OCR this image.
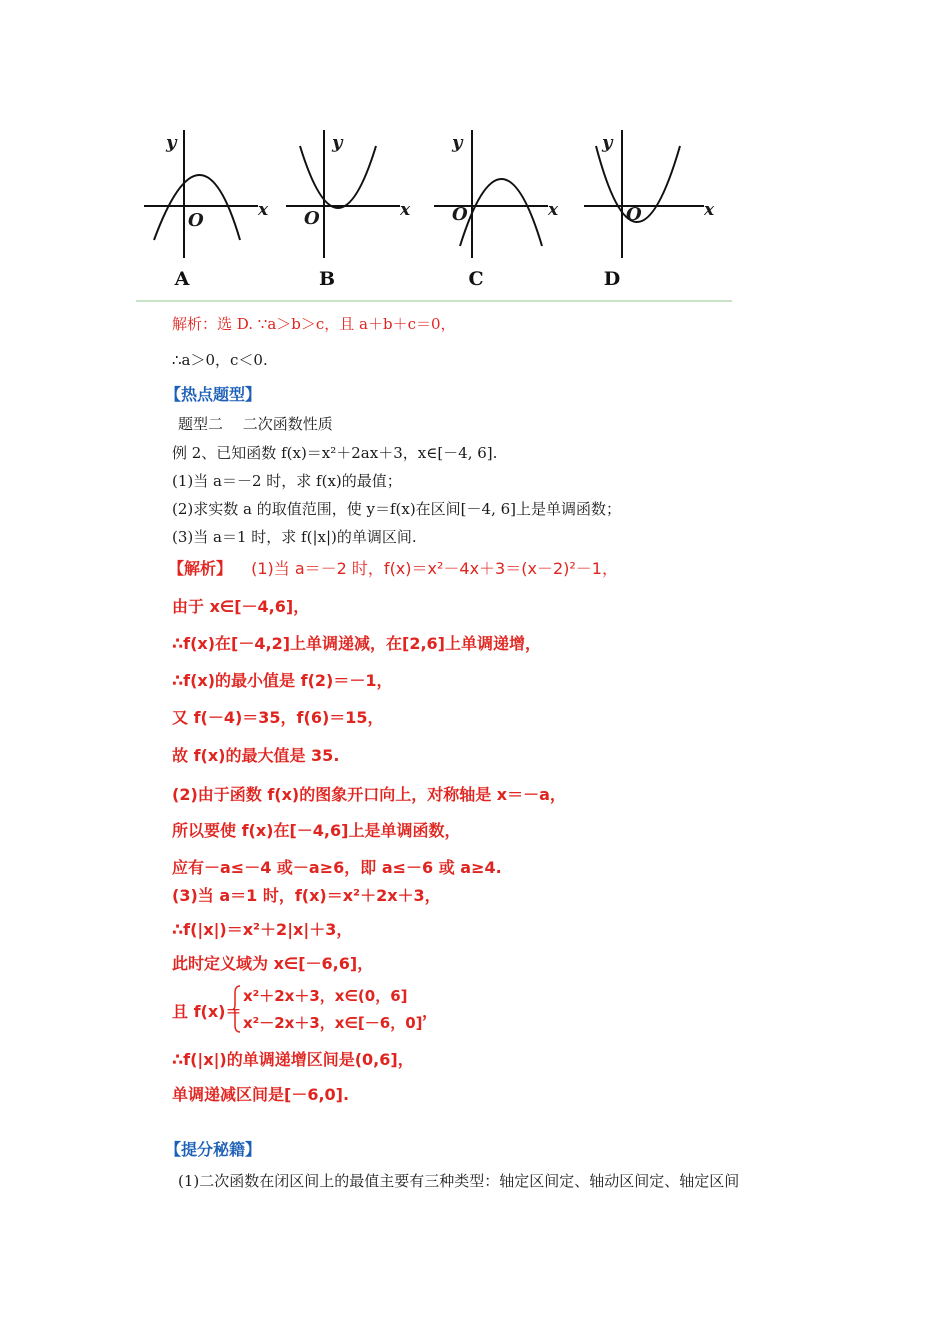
y
x
O
A
y
x
O
B
y
x
O
C
y
x
O
D
解析：选 D. ∵a＞b＞c，且 a＋b＋c＝0，
∴a＞0，c＜0.
【热点题型】
题型二　 二次函数性质
例 2、已知函数 f(x)＝x²＋2ax＋3，x∈[－4, 6].
(1)当 a＝－2 时，求 f(x)的最值；
(2)求实数 a 的取值范围，使 y＝f(x)在区间[－4, 6]上是单调函数；
(3)当 a＝1 时，求 f(|x|)的单调区间.
【解析】 (1)当 a＝－2 时，f(x)＝x²－4x＋3＝(x－2)²－1，
由于 x∈[－4,6]，
∴f(x)在[－4,2]上单调递减，在[2,6]上单调递增，
∴f(x)的最小值是 f(2)＝－1，
又 f(－4)＝35，f(6)＝15，
故 f(x)的最大值是 35.
(2)由于函数 f(x)的图象开口向上，对称轴是 x＝－a，
所以要使 f(x)在[－4,6]上是单调函数，
应有－a≤－4 或－a≥6，即 a≤－6 或 a≥4.
(3)当 a＝1 时，f(x)＝x²＋2x＋3，
∴f(|x|)＝x²＋2|x|＋3，
此时定义域为 x∈[－6,6]，
且 f(x)＝
x²＋2x＋3，x∈(0，6]
x²－2x＋3，x∈[－6，0]
，
∴f(|x|)的单调递增区间是(0,6]，
单调递减区间是[－6,0].
【提分秘籍】
(1)二次函数在闭区间上的最值主要有三种类型：轴定区间定、轴动区间定、轴定区间
